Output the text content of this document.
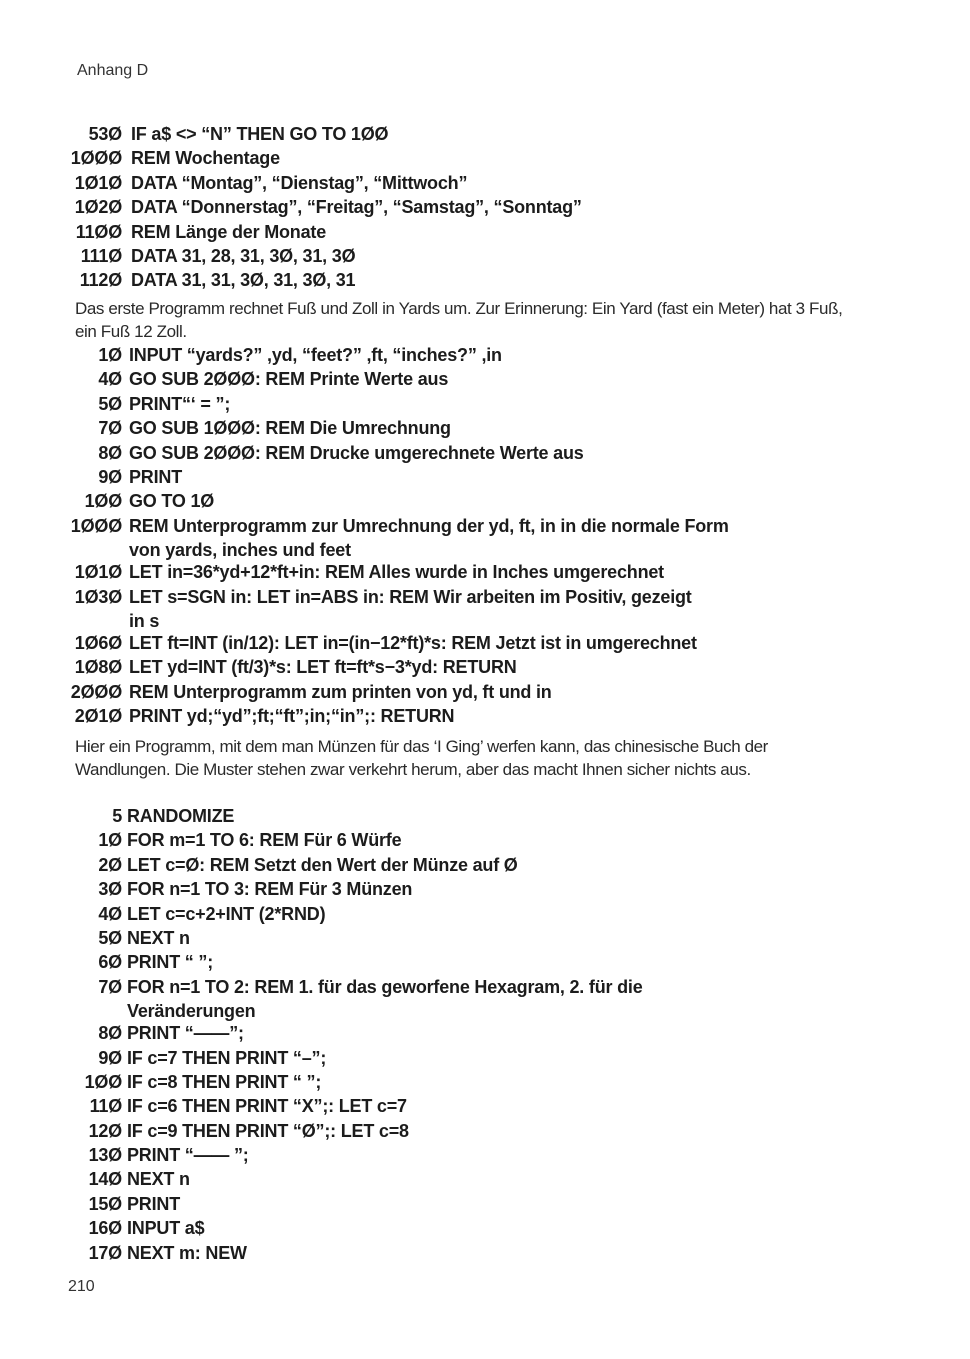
Anhang D
53Ø IF a$ <> “N” THEN GO TO 1ØØ
1ØØØ REM Wochentage
1Ø1Ø DATA “Montag”, “Dienstag”, “Mittwoch”
1Ø2Ø DATA “Donnerstag”, “Freitag”, “Samstag”, “Sonntag”
11ØØ REM Länge der Monate
111Ø DATA 31, 28, 31, 3Ø, 31, 3Ø
112Ø DATA 31, 31, 3Ø, 31, 3Ø, 31
Das erste Programm rechnet Fuß und Zoll in Yards um. Zur Erinnerung: Ein Yard (fast ein Meter) hat 3 Fuß, ein Fuß 12 Zoll.
1Ø INPUT “yards?” ,yd, “feet?” ,ft, “inches?” ,in
4Ø GO SUB 2ØØØ: REM Printe Werte aus
5Ø PRINT“‘ = ”;
7Ø GO SUB 1ØØØ: REM Die Umrechnung
8Ø GO SUB 2ØØØ: REM Drucke umgerechnete Werte aus
9Ø PRINT
1ØØ GO TO 1Ø
1ØØØ REM Unterprogramm zur Umrechnung der yd, ft, in in die normale Form
von yards, inches und feet
1Ø1Ø LET in=36*yd+12*ft+in: REM Alles wurde in Inches umgerechnet
1Ø3Ø LET s=SGN in: LET in=ABS in: REM Wir arbeiten im Positiv, gezeigt
in s
1Ø6Ø LET ft=INT (in/12): LET in=(in−12*ft)*s: REM Jetzt ist in umgerechnet
1Ø8Ø LET yd=INT (ft/3)*s: LET ft=ft*s−3*yd: RETURN
2ØØØ REM Unterprogramm zum printen von yd, ft und in
2Ø1Ø PRINT yd;“yd”;ft;“ft”;in;“in”;: RETURN
Hier ein Programm, mit dem man Münzen für das ‘I Ging’ werfen kann, das chinesische Buch der Wandlungen. Die Muster stehen zwar verkehrt herum, aber das macht Ihnen sicher nichts aus.
5 RANDOMIZE
1Ø FOR m=1 TO 6: REM Für 6 Würfe
2Ø LET c=Ø: REM Setzt den Wert der Münze auf Ø
3Ø FOR n=1 TO 3: REM Für 3 Münzen
4Ø LET c=c+2+INT (2*RND)
5Ø NEXT n
6Ø PRINT “ ”;
7Ø FOR n=1 TO 2: REM 1. für das geworfene Hexagram, 2. für die
Veränderungen
8Ø PRINT “——”;
9Ø IF c=7 THEN PRINT “–”;
1ØØ IF c=8 THEN PRINT “ ”;
11Ø IF c=6 THEN PRINT “X”;: LET c=7
12Ø IF c=9 THEN PRINT “Ø”;: LET c=8
13Ø PRINT “—— ”;
14Ø NEXT n
15Ø PRINT
16Ø INPUT a$
17Ø NEXT m: NEW
210
